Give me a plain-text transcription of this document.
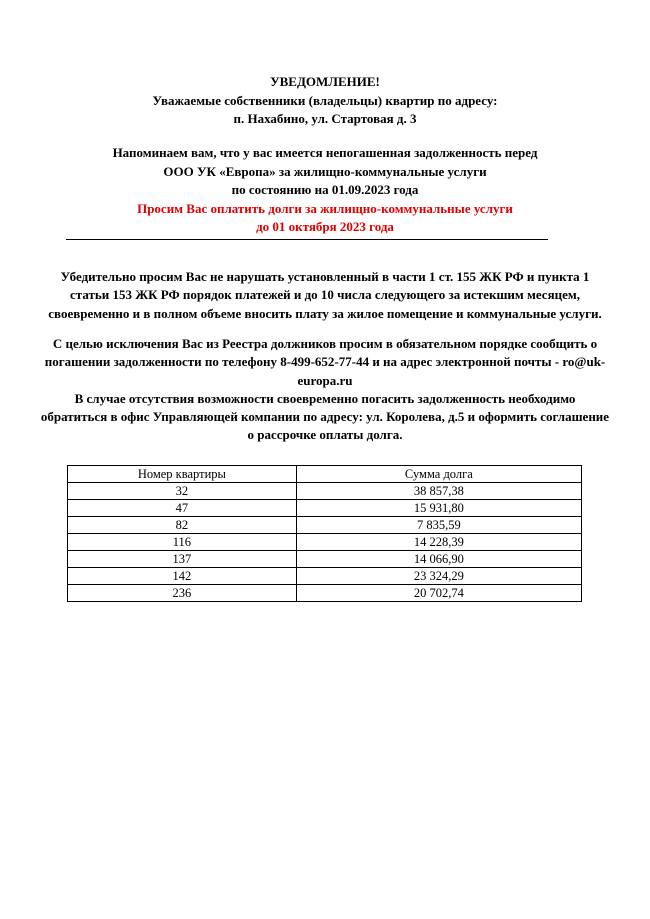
УВЕДОМЛЕНИЕ!
Уважаемые собственники (владельцы) квартир по адресу:
п. Нахабино, ул. Стартовая д. 3
Напоминаем вам, что у вас имеется непогашенная задолженность перед
ООО УК «Европа» за жилищно-коммунальные услуги
по состоянию на 01.09.2023 года
Просим Вас оплатить долги за жилищно-коммунальные услуги
до 01 октября 2023 года
Убедительно просим Вас не нарушать установленный в части 1 ст. 155 ЖК РФ и пункта 1
статьи 153 ЖК РФ порядок платежей и до 10 числа следующего за истекшим месяцем,
своевременно и в полном объеме вносить плату за жилое помещение и коммунальные услуги.
С целью исключения Вас из Реестра должников просим в обязательном порядке сообщить о
погашении задолженности по телефону 8-499-652-77-44 и на адрес электронной почты - ro@uk-
europa.ru
В случае отсутствия возможности своевременно погасить задолженность необходимо
обратиться в офис Управляющей компании по адресу: ул. Королева, д.5 и оформить соглашение
о рассрочке оплаты долга.
Номер квартиры	Сумма долга
32	38 857,38
47	15 931,80
82	7 835,59
116	14 228,39
137	14 066,90
142	23 324,29
236	20 702,74
